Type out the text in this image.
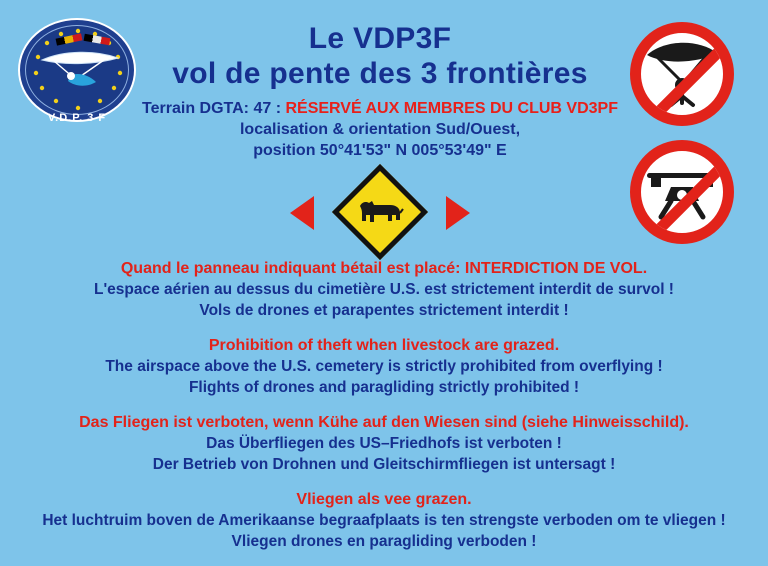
V.D.P. 3 F
Le VDP3F
vol de pente des 3 frontières
Terrain DGTA: 47 : RÉSERVÉ AUX MEMBRES DU CLUB VD3PF
localisation & orientation Sud/Ouest,
position 50°41'53" N 005°53'49" E
Quand le panneau indiquant bétail est placé: INTERDICTION DE VOL.
L'espace aérien au dessus du cimetière U.S. est strictement interdit de survol !
Vols de drones et parapentes strictement interdit !
Prohibition of theft when livestock are grazed.
The airspace above the U.S. cemetery is strictly prohibited from overflying !
Flights of drones and paragliding strictly prohibited !
Das Fliegen ist verboten, wenn Kühe auf den Wiesen sind (siehe Hinweisschild).
Das Überfliegen des US–Friedhofs ist verboten !
Der Betrieb von Drohnen und Gleitschirmfliegen ist untersagt !
Vliegen als vee grazen.
Het luchtruim boven de Amerikaanse begraafplaats is ten strengste verboden om te vliegen !
Vliegen drones en paragliding verboden !
